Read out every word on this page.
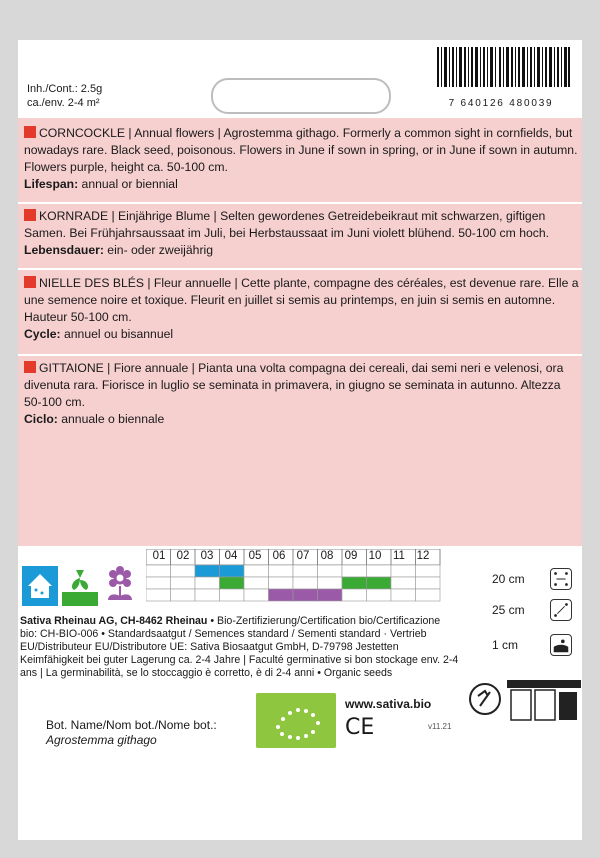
Inh./Cont.: 2.5g
ca./env. 2-4 m²	7 640126 480039

CORNCOCKLE | Annual flowers | Agrostemma githago. Formerly a common sight in cornfields, but nowadays rare. Black seed, poisonous. Flowers in June if sown in spring, or in June if sown in autumn. Flowers purple, height ca. 50-100 cm.

Lifespan: annual or biennial

KORNRADE | Einjährige Blume | Selten gewordenes Getreidebeikraut mit schwarzen, giftigen Samen. Bei Frühjahrsaussaat im Juli, bei Herbstaussaat im Juni violett blühend. 50-100 cm hoch.

Lebensdauer: ein- oder zweijährig

NIELLE DES BLÉS | Fleur annuelle | Cette plante, compagne des céréales, est devenue rare. Elle a une semence noire et toxique. Fleurit en juillet si semis au printemps, en juin si semis en automne. Hauteur 50-100 cm.

Cycle: annuel ou bisannuel

GITTAIONE | Fiore annuale | Pianta una volta compagna dei cereali, dai semi neri e velenosi, ora divenuta rara. Fiorisce in luglio se seminata in primavera, in giugno se seminata in autunno. Altezza 50-100 cm.

Ciclo: annuale o biennale

01 02 03 04 05 06 07 08 09 10	11	12
20 cm
25 cm
1 cm
Sativa Rheinau AG, CH-8462 Rheinau • Bio-Zertifizierung/Certification bio/Certificazione bio: CH-BIO-006 • Standardsaatgut / Semences standard / Sementi standard · Vertrieb EU/Distributeur EU/Distributore UE: Sativa Biosaatgut GmbH, D-79798 Jestetten Keimfähigkeit bei guter Lagerung ca. 2-4 Jahre | Faculté germinative si bon stockage env. 2-4 ans | La germinabilità, se lo stoccaggio è corretto, è di 2-4 anni • Organic seeds
www.sativa.bio
CE	v11.21
Bot. Name/Nom bot./Nome bot.:
Agrostemma githago
